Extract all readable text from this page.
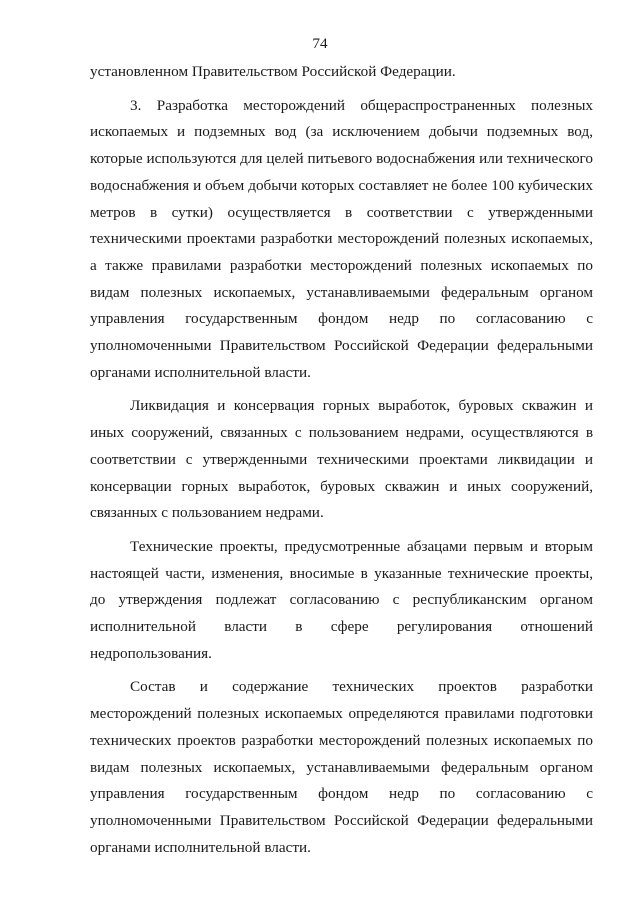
74

установленном Правительством Российской Федерации.

3. Разработка месторождений общераспространенных полезных ископаемых и подземных вод (за исключением добычи подземных вод, которые используются для целей питьевого водоснабжения или технического водоснабжения и объем добычи которых составляет не более 100 кубических метров в сутки) осуществляется в соответствии с утвержденными техническими проектами разработки месторождений полезных ископаемых, а также правилами разработки месторождений полезных ископаемых по видам полезных ископаемых, устанавливаемыми федеральным органом управления государственным фондом недр по согласованию с уполномоченными Правительством Российской Федерации федеральными органами исполнительной власти.

Ликвидация и консервация горных выработок, буровых скважин и иных сооружений, связанных с пользованием недрами, осуществляются в соответствии с утвержденными техническими проектами ликвидации и консервации горных выработок, буровых скважин и иных сооружений, связанных с пользованием недрами.

Технические проекты, предусмотренные абзацами первым и вторым настоящей части, изменения, вносимые в указанные технические проекты, до утверждения подлежат согласованию с республиканским органом исполнительной власти в сфере регулирования отношений недропользования.

Состав и содержание технических проектов разработки месторождений полезных ископаемых определяются правилами подготовки технических проектов разработки месторождений полезных ископаемых по видам полезных ископаемых, устанавливаемыми федеральным органом управления государственным фондом недр по согласованию с уполномоченными Правительством Российской Федерации федеральными органами исполнительной власти.
